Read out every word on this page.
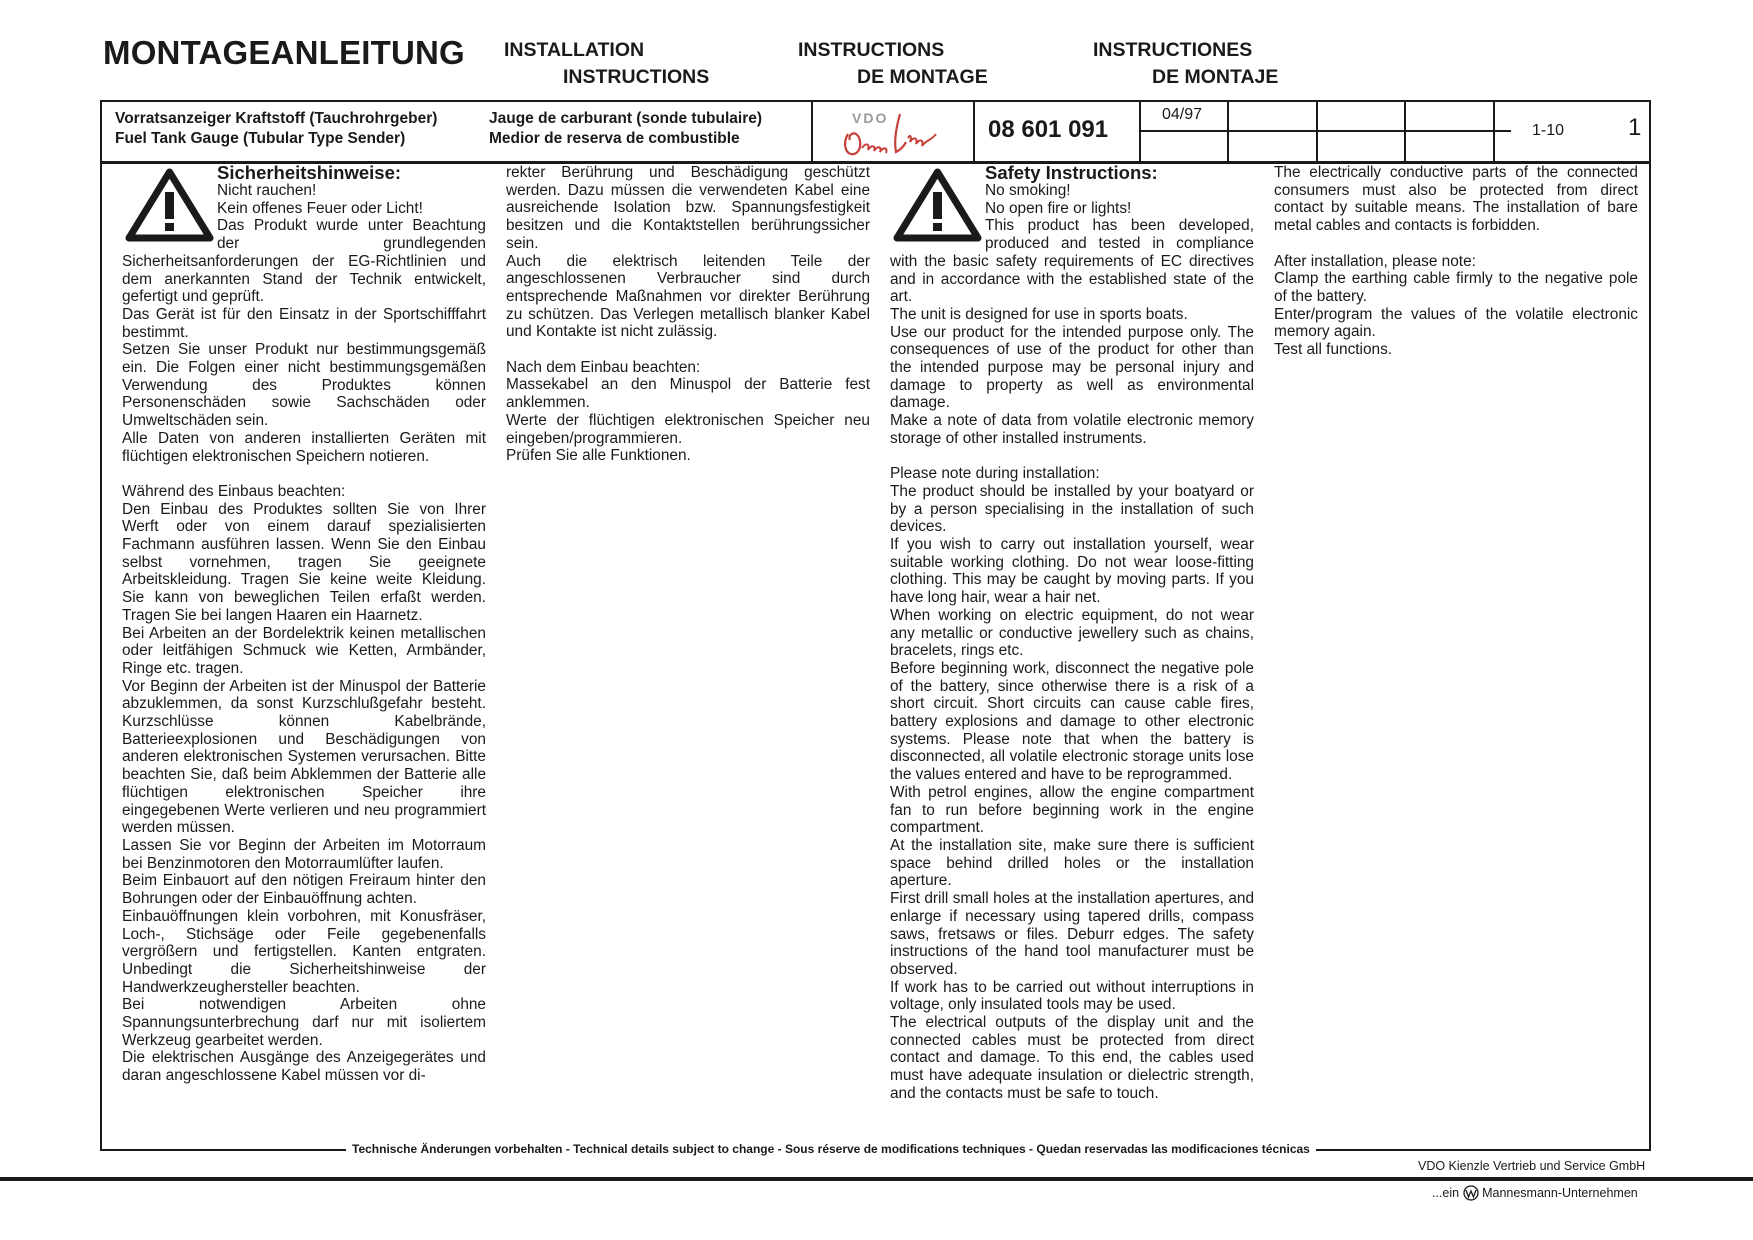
MONTAGEANLEITUNG INSTALLATION
INSTRUCTIONS
INSTRUCTIONS
DE MONTAGE
INSTRUCTIONES
DE MONTAJE
Vorratsanzeiger Kraftstoff (Tauchrohrgeber)
Fuel Tank Gauge (Tubular Type Sender)
Jauge de carburant (sonde tubulaire)
Medior de reserva de combustible
VDO	08 601 091
04/97
1-10	1

Sicherheitshinweise:

Nicht rauchen!

Kein offenes Feuer oder Licht!

Das Produkt wurde unter Beachtung der grundlegenden Sicherheitsanforderungen der EG-Richtlinien und dem anerkannten Stand der Technik entwickelt, gefertigt und geprüft.

Das Gerät ist für den Einsatz in der Sportschifffahrt bestimmt.

Setzen Sie unser Produkt nur bestimmungsgemäß ein. Die Folgen einer nicht bestimmungsgemäßen Verwendung des Produktes können Personenschäden sowie Sachschäden oder Umweltschäden sein.

Alle Daten von anderen installierten Geräten mit flüchtigen elektronischen Speichern notieren.

Während des Einbaus beachten:

Den Einbau des Produktes sollten Sie von Ihrer Werft oder von einem darauf spezialisierten Fachmann ausführen lassen. Wenn Sie den Einbau selbst vornehmen, tragen Sie geeignete Arbeitskleidung. Tragen Sie keine weite Kleidung. Sie kann von beweglichen Teilen erfaßt werden. Tragen Sie bei langen Haaren ein Haarnetz.

Bei Arbeiten an der Bordelektrik keinen metallischen oder leitfähigen Schmuck wie Ketten, Armbänder, Ringe etc. tragen.

Vor Beginn der Arbeiten ist der Minuspol der Batterie abzuklemmen, da sonst Kurzschlußgefahr besteht. Kurzschlüsse können Kabelbrände, Batterieexplosionen und Beschädigungen von anderen elektronischen Systemen verursachen. Bitte beachten Sie, daß beim Abklemmen der Batterie alle flüchtigen elektronischen Speicher ihre eingegebenen Werte verlieren und neu programmiert werden müssen.

Lassen Sie vor Beginn der Arbeiten im Motorraum bei Benzinmotoren den Motorraumlüfter laufen.

Beim Einbauort auf den nötigen Freiraum hinter den Bohrungen oder der Einbauöffnung achten.

Einbauöffnungen klein vorbohren, mit Konusfräser, Loch-, Stichsäge oder Feile gegebenenfalls vergrößern und fertigstellen. Kanten entgraten. Unbedingt die Sicherheitshinweise der Handwerkzeughersteller beachten.

Bei notwendigen Arbeiten ohne Spannungsunterbrechung darf nur mit isoliertem Werkzeug gearbeitet werden.

Die elektrischen Ausgänge des Anzeigegerätes und daran angeschlossene Kabel müssen vor di-

rekter Berührung und Beschädigung geschützt werden. Dazu müssen die verwendeten Kabel eine ausreichende Isolation bzw. Spannungsfestigkeit besitzen und die Kontaktstellen berührungssicher sein.

Auch die elektrisch leitenden Teile der angeschlossenen Verbraucher sind durch entsprechende Maßnahmen vor direkter Berührung zu schützen. Das Verlegen metallisch blanker Kabel und Kontakte ist nicht zulässig.

Nach dem Einbau beachten:

Massekabel an den Minuspol der Batterie fest anklemmen.

Werte der flüchtigen elektronischen Speicher neu eingeben/programmieren.

Prüfen Sie alle Funktionen.

Safety Instructions:

No smoking!

No open fire or lights!

This product has been developed, produced and tested in compliance with the basic safety requirements of EC directives and in accordance with the established state of the art.

The unit is designed for use in sports boats.

Use our product for the intended purpose only. The consequences of use of the product for other than the intended purpose may be personal injury and damage to property as well as environmental damage.

Make a note of data from volatile electronic memory storage of other installed instruments.

Please note during installation:

The product should be installed by your boatyard or by a person specialising in the installation of such devices.

If you wish to carry out installation yourself, wear suitable working clothing. Do not wear loose-fitting clothing. This may be caught by moving parts. If you have long hair, wear a hair net.

When working on electric equipment, do not wear any metallic or conductive jewellery such as chains, bracelets, rings etc.

Before beginning work, disconnect the negative pole of the battery, since otherwise there is a risk of a short circuit. Short circuits can cause cable fires, battery explosions and damage to other electronic systems. Please note that when the battery is disconnected, all volatile electronic storage units lose the values entered and have to be reprogrammed.

With petrol engines, allow the engine compartment fan to run before beginning work in the engine compartment.

At the installation site, make sure there is sufficient space behind drilled holes or the installation aperture.

First drill small holes at the installation apertures, and enlarge if necessary using tapered drills, compass saws, fretsaws or files. Deburr edges. The safety instructions of the hand tool manufacturer must be observed.

If work has to be carried out without interruptions in voltage, only insulated tools may be used.

The electrical outputs of the display unit and the connected cables must be protected from direct contact and damage. To this end, the cables used must have adequate insulation or dielectric strength, and the contacts must be safe to touch.

The electrically conductive parts of the connected consumers must also be protected from direct contact by suitable means. The installation of bare metal cables and contacts is forbidden.

After installation, please note:

Clamp the earthing cable firmly to the negative pole of the battery.

Enter/program the values of the volatile electronic memory again.

Test all functions.

Technische Änderungen vorbehalten - Technical details subject to change - Sous réserve de modifications techniques - Quedan reservadas las modificaciones técnicas
VDO Kienzle Vertrieb und Service GmbH
...ein Mannesmann-Unternehmen
